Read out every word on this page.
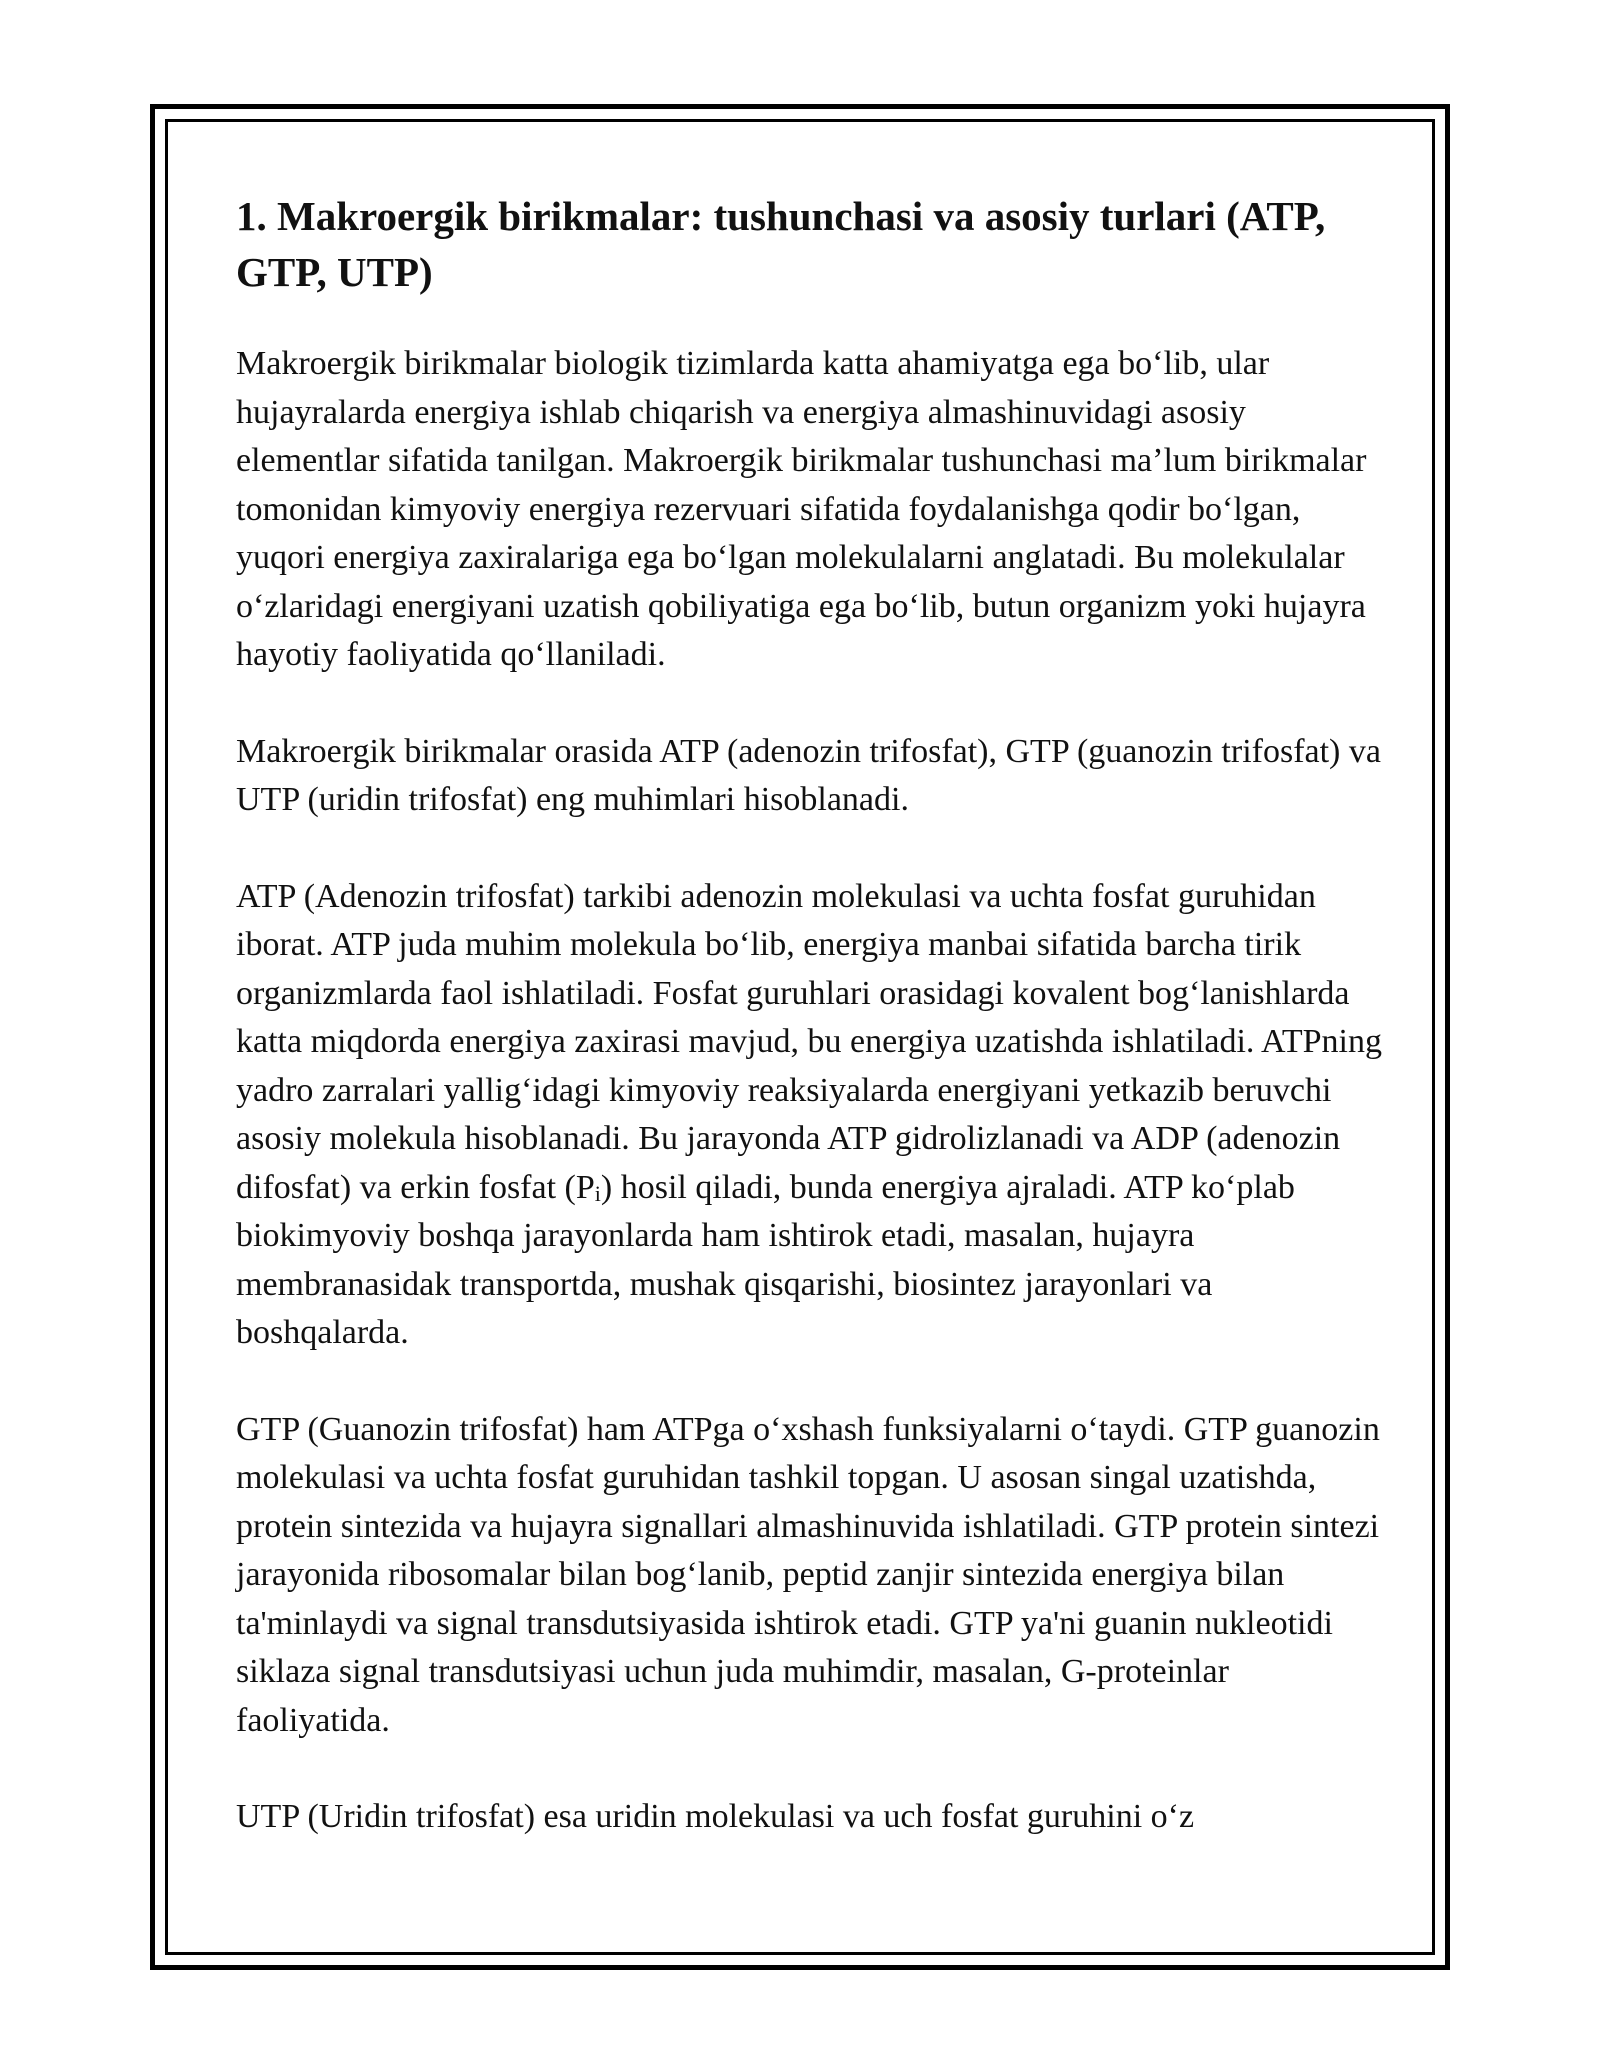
1. Makroergik birikmalar: tushunchasi va asosiy turlari (ATP, GTP, UTP)

Makroergik birikmalar biologik tizimlarda katta ahamiyatga ega bo‘lib, ular hujayralarda energiya ishlab chiqarish va energiya almashinuvidagi asosiy elementlar sifatida tanilgan. Makroergik birikmalar tushunchasi ma’lum birikmalar tomonidan kimyoviy energiya rezervuari sifatida foydalanishga qodir bo‘lgan, yuqori energiya zaxiralariga ega bo‘lgan molekulalarni anglatadi. Bu molekulalar o‘zlaridagi energiyani uzatish qobiliyatiga ega bo‘lib, butun organizm yoki hujayra hayotiy faoliyatida qo‘llaniladi.

Makroergik birikmalar orasida ATP (adenozin trifosfat), GTP (guanozin trifosfat) va UTP (uridin trifosfat) eng muhimlari hisoblanadi.

ATP (Adenozin trifosfat) tarkibi adenozin molekulasi va uchta fosfat guruhidan iborat. ATP juda muhim molekula bo‘lib, energiya manbai sifatida barcha tirik organizmlarda faol ishlatiladi. Fosfat guruhlari orasidagi kovalent bog‘lanishlarda katta miqdorda energiya zaxirasi mavjud, bu energiya uzatishda ishlatiladi. ATPning yadro zarralari yallig‘idagi kimyoviy reaksiyalarda energiyani yetkazib beruvchi asosiy molekula hisoblanadi. Bu jarayonda ATP gidrolizlanadi va ADP (adenozin difosfat) va erkin fosfat $(P_i)$ hosil qiladi, bunda energiya ajraladi. ATP ko‘plab biokimyoviy boshqa jarayonlarda ham ishtirok etadi, masalan, hujayra membranasidak transportda, mushak qisqarishi, biosintez jarayonlari va boshqalarda.

GTP (Guanozin trifosfat) ham ATPga o‘xshash funksiyalarni o‘taydi. GTP guanozin molekulasi va uchta fosfat guruhidan tashkil topgan. U asosan singal uzatishda, protein sintezida va hujayra signallari almashinuvida ishlatiladi. GTP protein sintezi jarayonida ribosomalar bilan bog‘lanib, peptid zanjir sintezida energiya bilan ta'minlaydi va signal transdutsiyasida ishtirok etadi. GTP ya'ni guanin nukleotidi siklaza signal transdutsiyasi uchun juda muhimdir, masalan, G-proteinlar faoliyatida.

UTP (Uridin trifosfat) esa uridin molekulasi va uch fosfat guruhini o‘z
